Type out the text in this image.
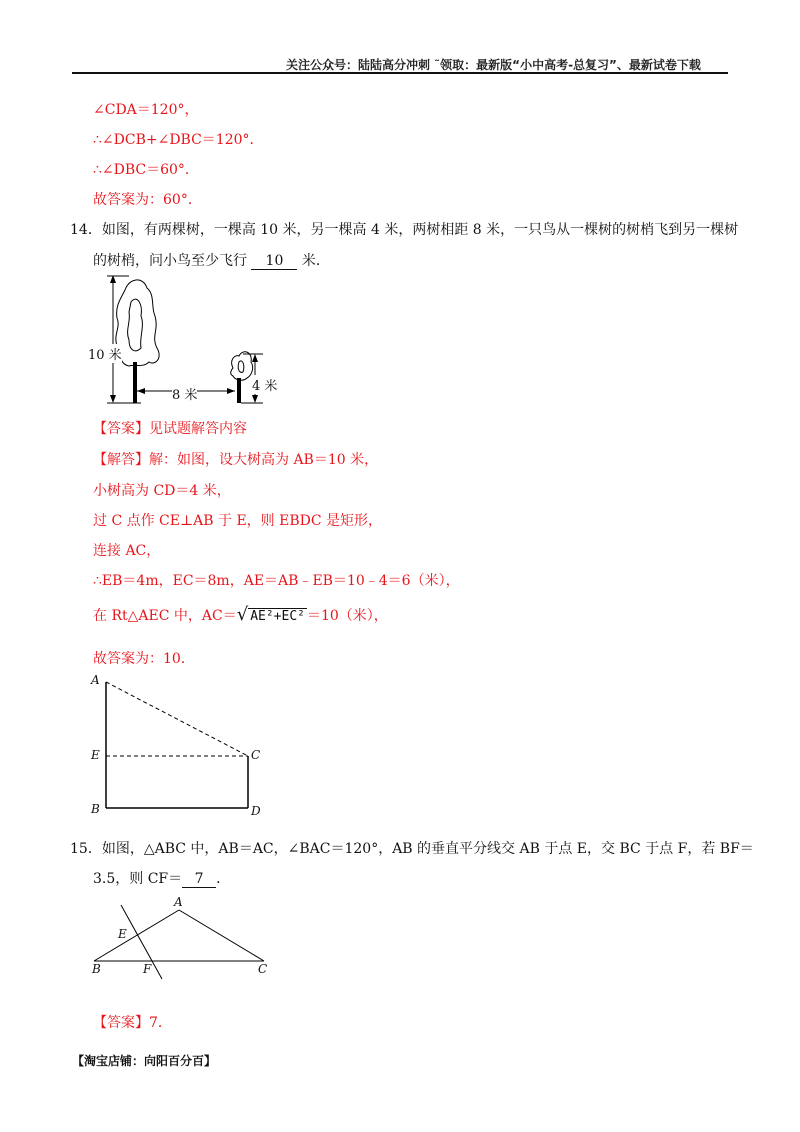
关注公众号：陆陆高分冲刺 ˜领取：最新版“小中高考-总复习”、最新试卷下载
∠CDA＝120°，
∴∠DCB+∠DBC＝120°．
∴∠DBC＝60°．
故答案为：60°．
14．如图，有两棵树，一棵高 10 米，另一棵高 4 米，两树相距 8 米，一只鸟从一棵树的树梢飞到另一棵树
的树梢，问小鸟至少飞行 10 米．
10 米
8 米
4 米
【答案】见试题解答内容
【解答】解：如图，设大树高为 AB＝10 米，
小树高为 CD＝4 米，
过 C 点作 CE⊥AB 于 E，则 EBDC 是矩形，
连接 AC，
∴EB＝4m，EC＝8m，AE＝AB﹣EB＝10﹣4＝6（米），
在 Rt△AEC 中，AC＝√ AE²+EC² ＝10（米），
故答案为：10．
A
E
B
C
D
15．如图，△ABC 中，AB＝AC，∠BAC＝120°，AB 的垂直平分线交 AB 于点 E，交 BC 于点 F，若 BF＝
3.5，则 CF＝ 7 ．
A
E
B	F	C
【答案】7．
【淘宝店铺：向阳百分百】
